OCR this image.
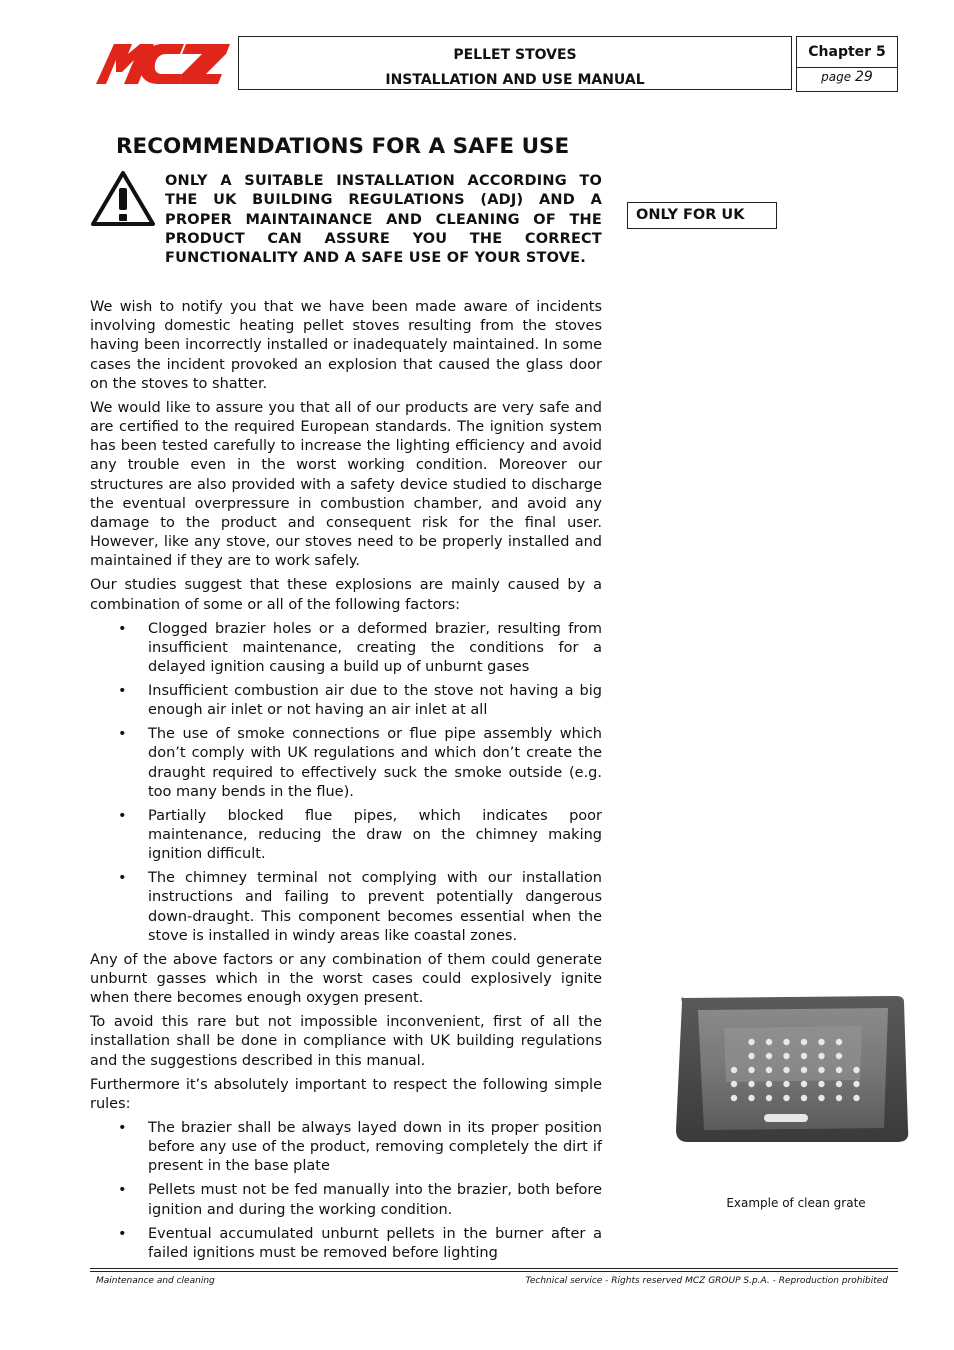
PELLET STOVES
INSTALLATION AND USE MANUAL
Chapter 5
page 29
RECOMMENDATIONS FOR A SAFE USE
ONLY A SUITABLE INSTALLATION ACCORDING TO THE UK BUILDING REGULATIONS (ADJ) AND A PROPER MAINTAINANCE AND CLEANING OF THE PRODUCT CAN ASSURE YOU THE CORRECT FUNCTIONALITY AND A SAFE USE OF YOUR STOVE.
ONLY FOR UK

We wish to notify you that we have been made aware of incidents involving domestic heating pellet stoves resulting from the stoves having been incorrectly installed or inadequately maintained. In some cases the incident provoked an explosion that caused the glass door on the stoves to shatter.

We would like to assure you that all of our products are very safe and are certified to the required European standards. The ignition system has been tested carefully to increase the lighting efficiency and avoid any trouble even in the worst working condition. Moreover our structures are also provided with a safety device studied to discharge the eventual overpressure in combustion chamber, and avoid any damage to the product and consequent risk for the final user. However, like any stove, our stoves need to be properly installed and maintained if they are to work safely.

Our studies suggest that these explosions are mainly caused by a combination of some or all of the following factors:

• Clogged brazier holes or a deformed brazier, resulting from insufficient maintenance, creating the conditions for a delayed ignition causing a build up of unburnt gases
• Insufficient combustion air due to the stove not having a big enough air inlet or not having an air inlet at all
• The use of smoke connections or flue pipe assembly which don’t comply with UK regulations and which don’t create the draught required to effectively suck the smoke outside (e.g. too many bends in the flue).
• Partially blocked flue pipes, which indicates poor maintenance, reducing the draw on the chimney making ignition difficult.
• The chimney terminal not complying with our installation instructions and failing to prevent potentially dangerous down-draught. This component becomes essential when the stove is installed in windy areas like coastal zones.

Any of the above factors or any combination of them could generate unburnt gasses which in the worst cases could explosively ignite when there becomes enough oxygen present.

To avoid this rare but not impossible inconvenient, first of all the installation shall be done in compliance with UK building regulations and the suggestions described in this manual.

Furthermore it’s absolutely important to respect the following simple rules:

• The brazier shall be always layed down in its proper position before any use of the product, removing completely the dirt if present in the base plate
• Pellets must not be fed manually into the brazier, both before ignition and during the working condition.
• Eventual accumulated unburnt pellets in the burner after a failed ignitions must be removed before lighting
Example of clean grate
Maintenance and cleaning	Technical service - Rights reserved MCZ GROUP S.p.A. - Reproduction prohibited
